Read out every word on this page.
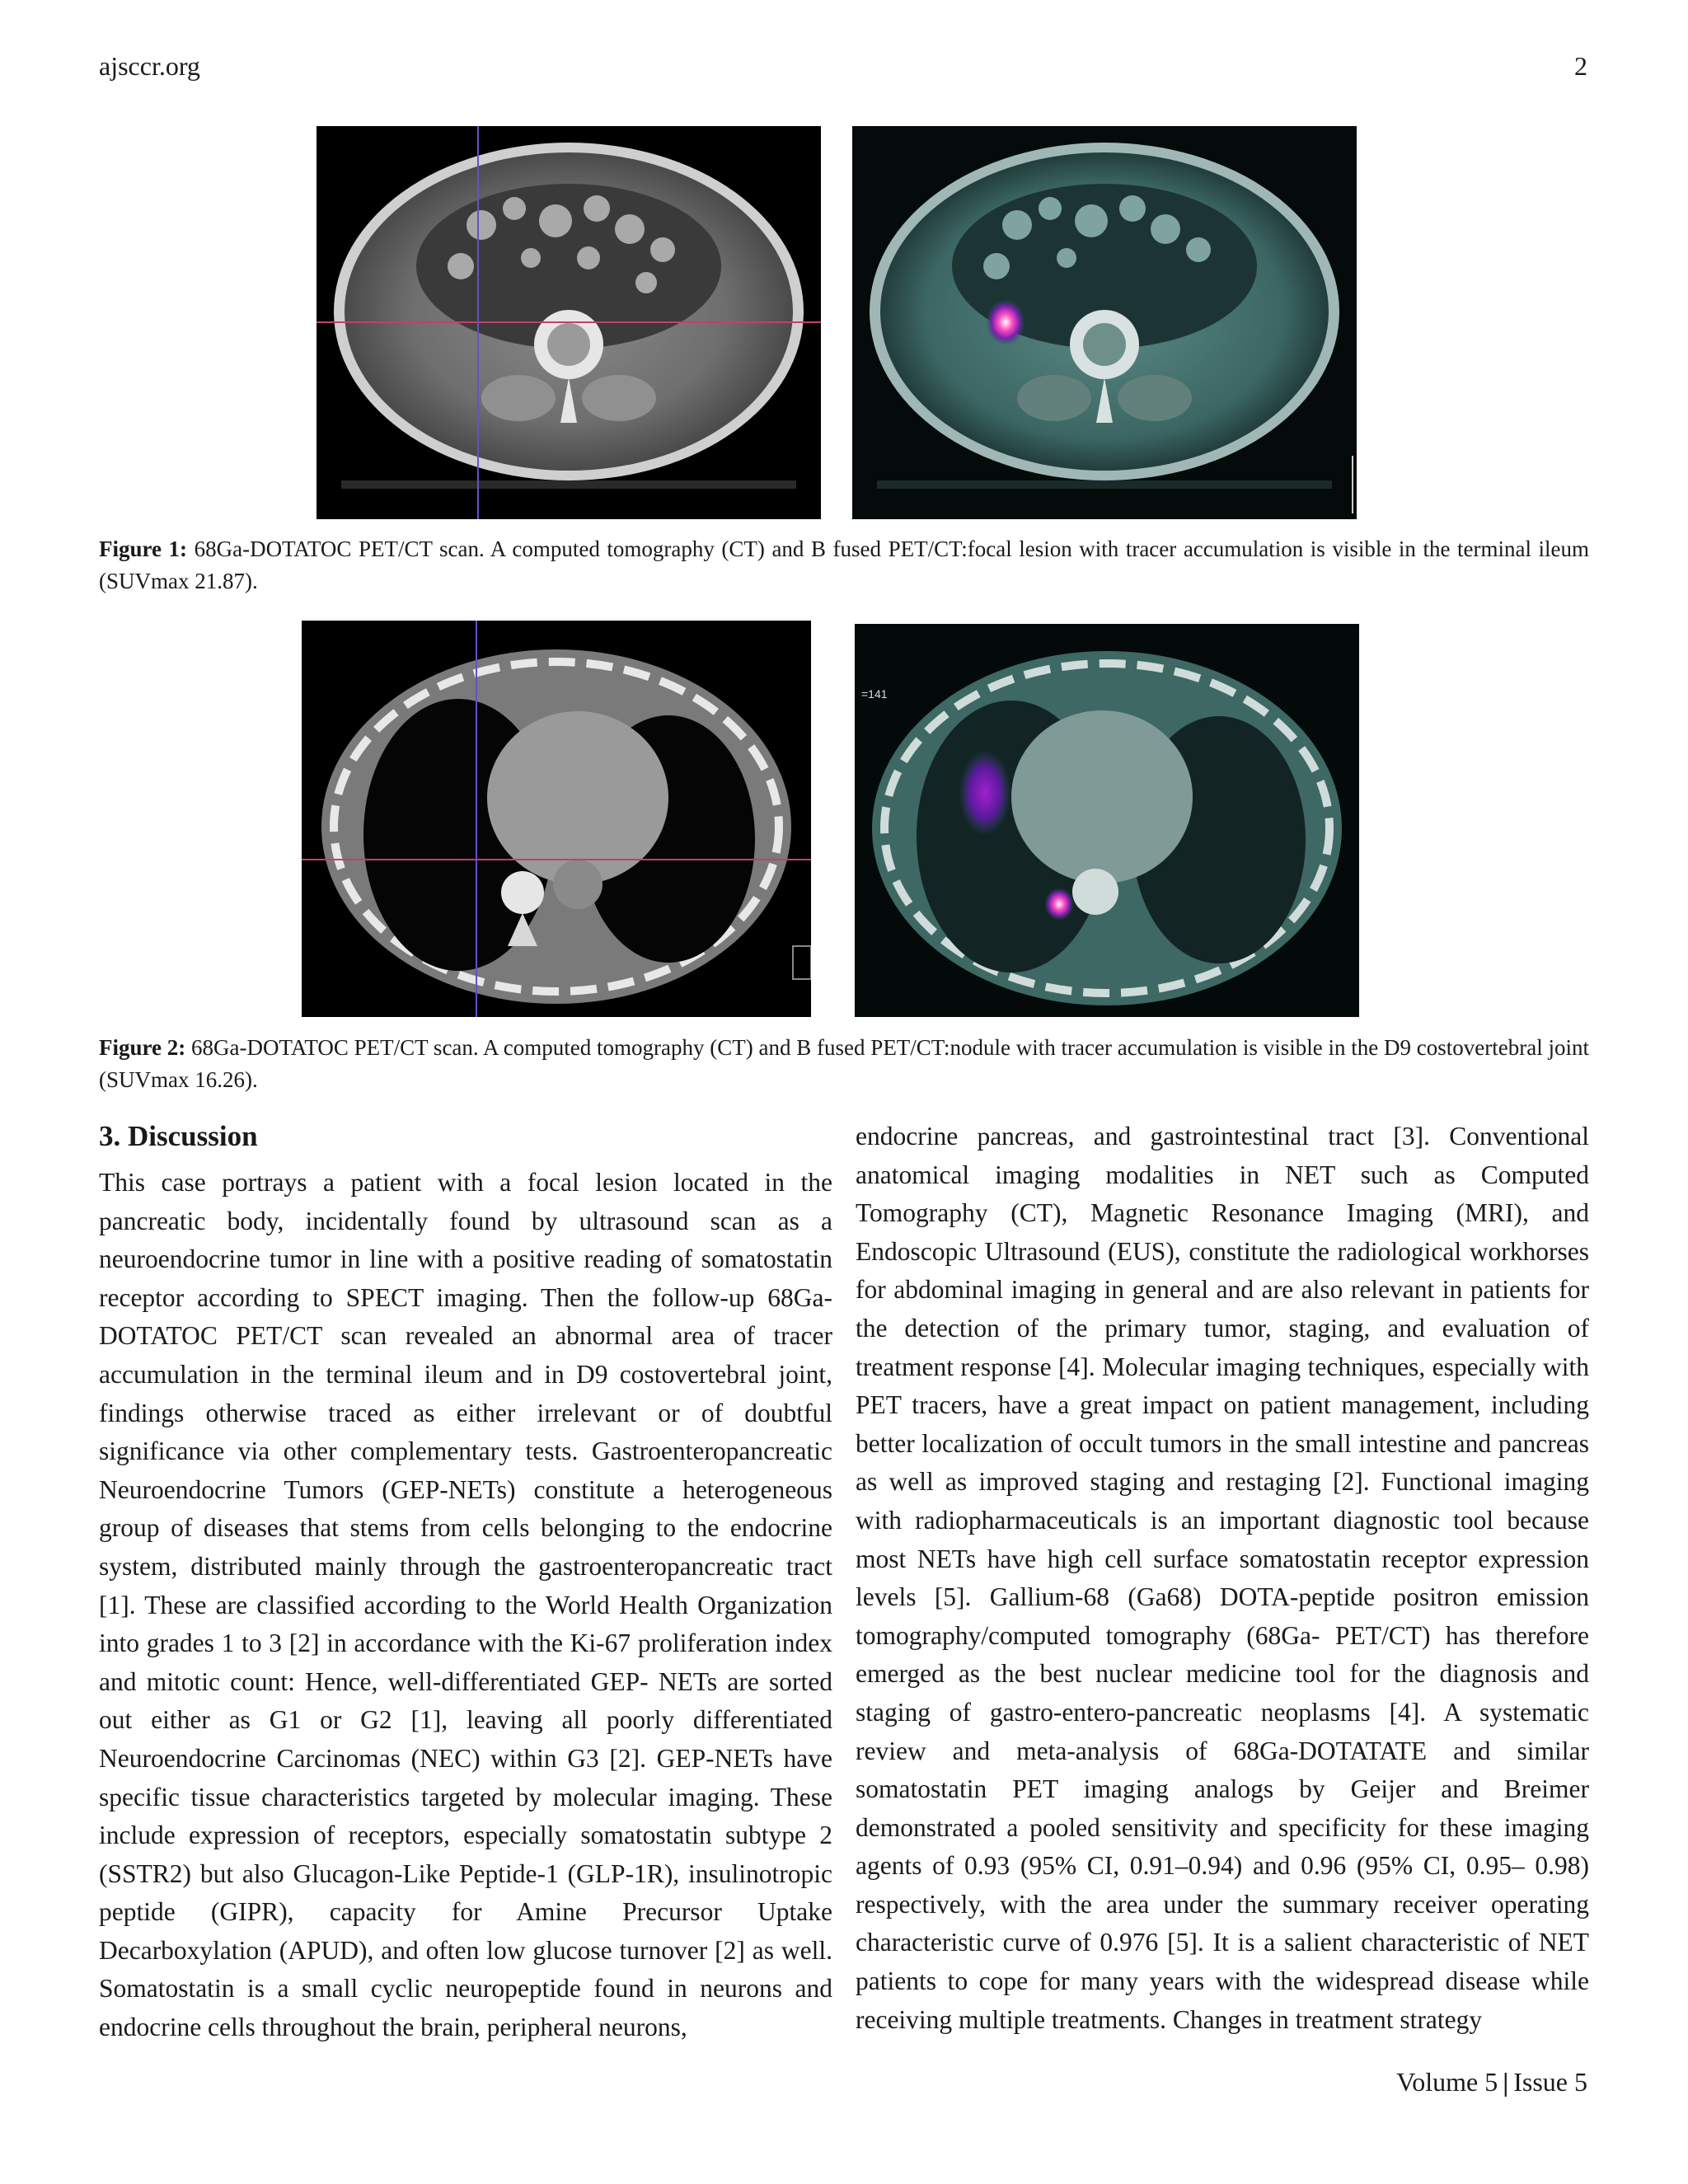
ajsccr.org	2
Figure 1: 68Ga-DOTATOC PET/CT scan. A computed tomography (CT) and B fused PET/CT:focal lesion with tracer accumulation is visible in the terminal ileum (SUVmax 21.87).
=141
Figure 2: 68Ga-DOTATOC PET/CT scan. A computed tomography (CT) and B fused PET/CT:nodule with tracer accumulation is visible in the D9 costovertebral joint (SUVmax 16.26).
3. Discussion

This case portrays a patient with a focal lesion located in the pancreatic body, incidentally found by ultrasound scan as a neuroendocrine tumor in line with a positive reading of somatostatin receptor according to SPECT imaging. Then the follow-up 68Ga- DOTATOC PET/CT scan revealed an abnormal area of tracer accumulation in the terminal ileum and in D9 costovertebral joint, findings otherwise traced as either irrelevant or of doubtful significance via other complementary tests. Gastroenteropancreatic Neuroendocrine Tumors (GEP-NETs) constitute a heterogeneous group of diseases that stems from cells belonging to the endocrine system, distributed mainly through the gastroenteropancreatic tract [1]. These are classified according to the World Health Organization into grades 1 to 3 [2] in accordance with the Ki-67 proliferation index and mitotic count: Hence, well-differentiated GEP- NETs are sorted out either as G1 or G2 [1], leaving all poorly differentiated Neuroendocrine Carcinomas (NEC) within G3 [2]. GEP-NETs have specific tissue characteristics targeted by molecular imaging. These include expression of receptors, especially somatostatin subtype 2 (SSTR2) but also Glucagon-Like Peptide-1 (GLP-1R), insulinotropic peptide (GIPR), capacity for Amine Precursor Uptake Decarboxylation (APUD), and often low glucose turnover [2] as well. Somatostatin is a small cyclic neuropeptide found in neurons and endocrine cells throughout the brain, peripheral neurons,

endocrine pancreas, and gastrointestinal tract [3]. Conventional anatomical imaging modalities in NET such as Computed Tomography (CT), Magnetic Resonance Imaging (MRI), and Endoscopic Ultrasound (EUS), constitute the radiological workhorses for abdominal imaging in general and are also relevant in patients for the detection of the primary tumor, staging, and evaluation of treatment response [4]. Molecular imaging techniques, especially with PET tracers, have a great impact on patient management, including better localization of occult tumors in the small intestine and pancreas as well as improved staging and restaging [2]. Functional imaging with radiopharmaceuticals is an important diagnostic tool because most NETs have high cell surface somatostatin receptor expression levels [5]. Gallium-68 (Ga68) DOTA-peptide positron emission tomography/computed tomography (68Ga- PET/CT) has therefore emerged as the best nuclear medicine tool for the diagnosis and staging of gastro-entero-pancreatic neoplasms [4]. A systematic review and meta-analysis of 68Ga-DOTATATE and similar somatostatin PET imaging analogs by Geijer and Breimer demonstrated a pooled sensitivity and specificity for these imaging agents of 0.93 (95% CI, 0.91–0.94) and 0.96 (95% CI, 0.95– 0.98) respectively, with the area under the summary receiver operating characteristic curve of 0.976 [5]. It is a salient characteristic of NET patients to cope for many years with the widespread disease while receiving multiple treatments. Changes in treatment strategy

Volume 5 | Issue 5
